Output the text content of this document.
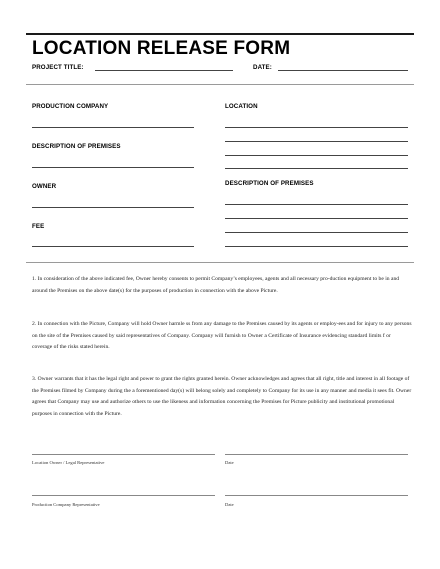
LOCATION RELEASE FORM
PROJECT TITLE:	DATE:
PRODUCTION COMPANY
DESCRIPTION OF PREMISES
OWNER
FEE
LOCATION
DESCRIPTION OF PREMISES
1. In consideration of the above indicated fee, Owner hereby consents to permit Company’s employees, agents and all necessary pro-duction equipment to be in and around the Premises on the above date(s) for the purposes of production in connection with the above Picture.
2. In connection with the Picture, Company will hold Owner harmle ss from any damage to the Premises caused by its agents or employ-ees and for injury to any persons on the site of the Premises caused by said representatives of Company. Company will furnish to Owner a Certificate of Insurance evidencing standard limits f or coverage of the risks stated herein.
3. Owner warrants that it has the legal right and power to grant the rights granted herein. Owner acknowledges and agrees that all right, title and interest in all footage of the Premises filmed by Company during the a forementioned day(s) will belong solely and completely to Company for its use in any manner and media it sees fit. Owner agrees that Company may use and authorize others to use the likeness and information concerning the Premises for Picture publicity and institutional promotional purposes in connection with the Picture.
Location Owner / Legal Representative	Date
Production Company Representative	Date
